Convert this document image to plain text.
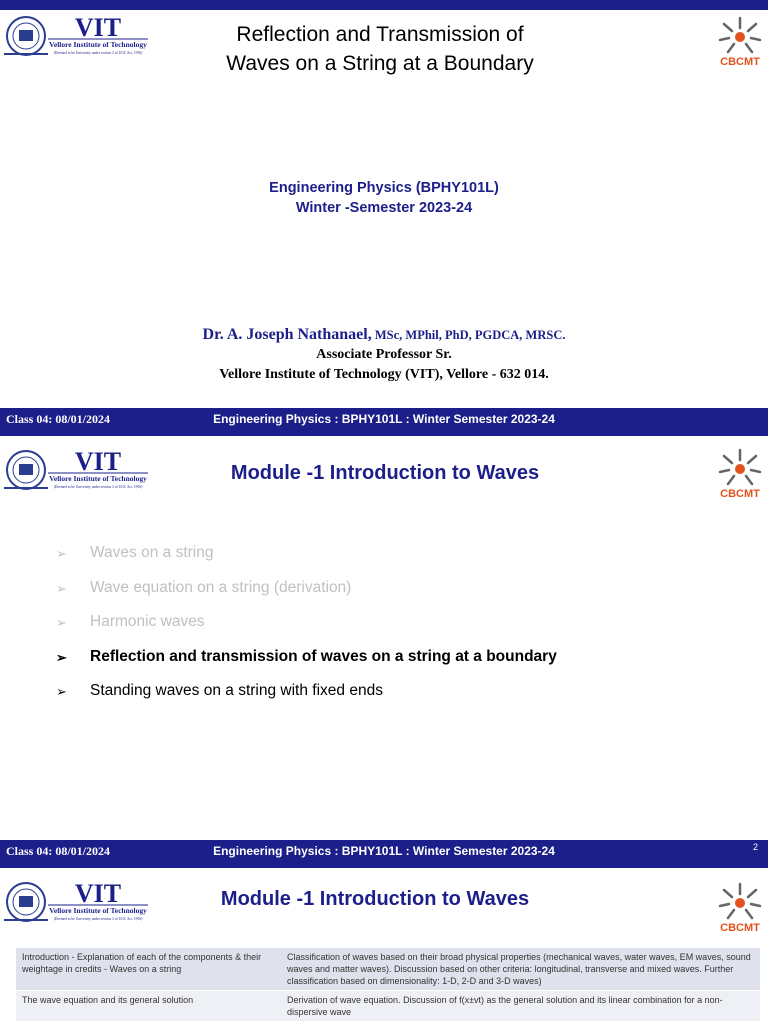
VIT
Vellore Institute of Technology
(Deemed to be University under section 3 of UGC Act, 1956)
Reflection and Transmission of
Waves on a String at a Boundary	CBCMT
Engineering Physics (BPHY101L)
Winter -Semester 2023-24
Dr. A. Joseph Nathanael, MSc, MPhil, PhD, PGDCA, MRSC.
Associate Professor Sr.
Vellore Institute of Technology (VIT), Vellore - 632 014.
Class 04: 08/01/2024	Engineering Physics : BPHY101L : Winter Semester 2023-24
VIT
Vellore Institute of Technology
(Deemed to be University under section 3 of UGC Act, 1956)
Module -1 Introduction to Waves
CBCMT
➢	Waves on a string
➢	Wave equation on a string (derivation)
➢	Harmonic waves
➢	Reflection and transmission of waves on a string at a boundary
➢	Standing waves on a string with fixed ends
Class 04: 08/01/2024	Engineering Physics : BPHY101L : Winter Semester 2023-24	2
VIT
Vellore Institute of Technology
(Deemed to be University under section 3 of UGC Act, 1956)
Module -1 Introduction to Waves
CBCMT
Introduction - Explanation of each of the components & their weightage in credits - Waves on a string	Classification of waves based on their broad physical properties (mechanical waves, water waves, EM waves, sound waves and matter waves). Discussion based on other criteria: longitudinal, transverse and mixed waves. Further classification based on dimensionality: 1-D, 2-D and 3-D waves)
The wave equation and its general solution	Derivation of wave equation. Discussion of f(x±vt) as the general solution and its linear combination for a non-dispersive wave
